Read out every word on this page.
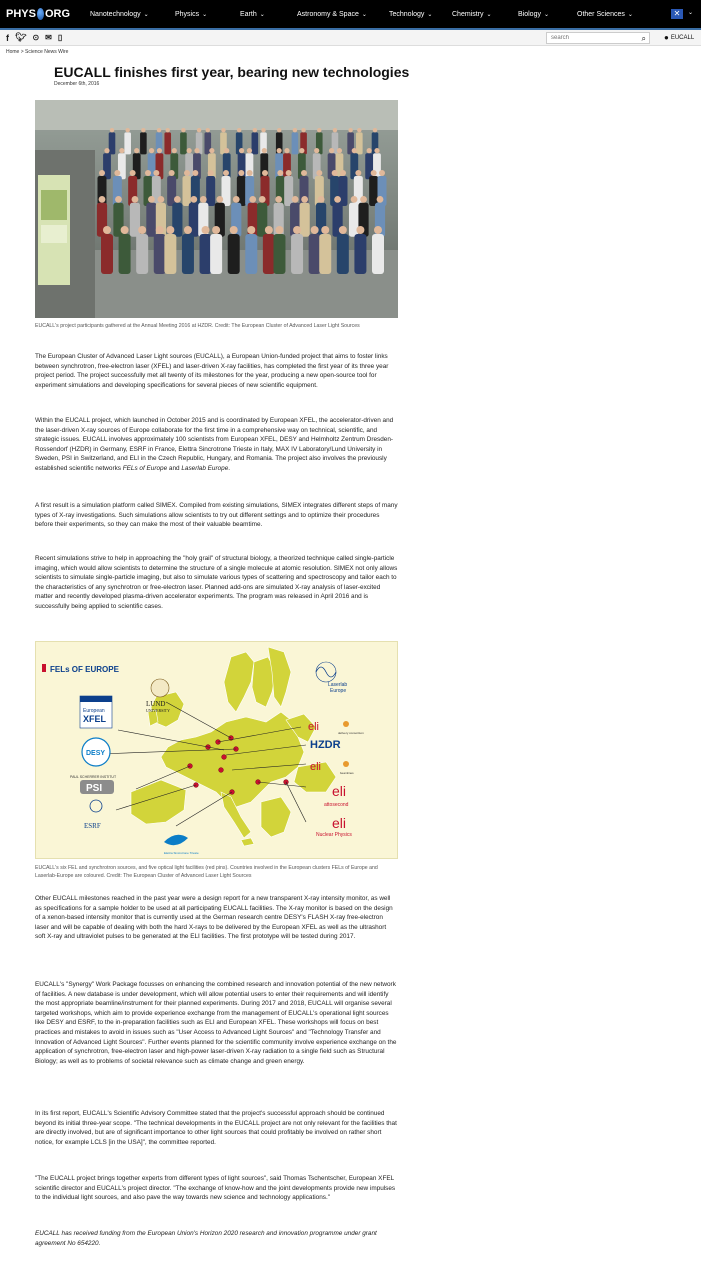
PHYS ORG	Nanotechnology ⌄	Physics ⌄	Earth ⌄	Astronomy & Space ⌄	Technology ⌄	Chemistry ⌄	Biology ⌄	Other Sciences ⌄	✕	⌄
f 🐦︎ ⊙ ✉ ▯
search	⌕ ● EUCALL
Home > Science News Wire
EUCALL finishes first year, bearing new technologies
December 6th, 2016
EUCALL's project participants gathered at the Annual Meeting 2016 at HZDR. Credit: The European Cluster of Advanced Laser Light Sources

The European Cluster of Advanced Laser Light sources (EUCALL), a European Union-funded project that aims to foster links between synchrotron, free-electron laser (XFEL) and laser-driven X-ray facilities, has completed the first year of its three year project period. The project successfully met all twenty of its milestones for the year, producing a new open-source tool for experiment simulations and developing specifications for several pieces of new scientific equipment.

Within the EUCALL project, which launched in October 2015 and is coordinated by European XFEL, the accelerator-driven and the laser-driven X-ray sources of Europe collaborate for the first time in a comprehensive way on technical, scientific, and strategic issues. EUCALL involves approximately 100 scientists from European XFEL, DESY and Helmholtz Zentrum Dresden-Rossendorf (HZDR) in Germany, ESRF in France, Elettra Sincrotrone Trieste in Italy, MAX IV Laboratory/Lund University in Sweden, PSI in Switzerland, and ELI in the Czech Republic, Hungary, and Romania. The project also involves the previously established scientific networks FELs of Europe and Laserlab Europe.

A first result is a simulation platform called SIMEX. Compiled from existing simulations, SIMEX integrates different steps of many types of X-ray investigations. Such simulations allow scientists to try out different settings and to optimize their procedures before their experiments, so they can make the most of their valuable beamtime.

Recent simulations strive to help in approaching the "holy grail" of structural biology, a theorized technique called single-particle imaging, which would allow scientists to determine the structure of a single molecule at atomic resolution. SIMEX not only allows scientists to simulate single-particle imaging, but also to simulate various types of scattering and spectroscopy and tailor each to the characteristics of any synchrotron or free-electron laser. Planned add-ons are simulated X-ray analysis of laser-excited matter and recently developed plasma-driven accelerator experiments. The program was released in April 2016 and is successfully being applied to scientific cases.

FELs OF EUROPE
Laserlab
Europe
LUND
UNIVERSITY
European
XFEL
DESY
PAUL SCHERRER INSTITUT
PSI
ESRF
Elettra Sincrotrone Trieste
eli	delivery consortium
HZDR
eli	beamlines
eli
attosecond
eli
Nuclear Physics
EUCALL's six FEL and synchrotron sources, and five optical light facilities (red pins). Countries involved in the European clusters FELs of Europe and Laserlab-Europe are coloured. Credit: The European Cluster of Advanced Laser Light Sources

Other EUCALL milestones reached in the past year were a design report for a new transparent X-ray intensity monitor, as well as specifications for a sample holder to be used at all participating EUCALL facilities. The X-ray monitor is based on the design of a xenon-based intensity monitor that is currently used at the German research centre DESY's FLASH X-ray free-electron laser and will be capable of dealing with both the hard X-rays to be delivered by the European XFEL as well as the ultrashort soft X-ray and ultraviolet pulses to be generated at the ELI facilities. The first prototype will be tested during 2017.

EUCALL's "Synergy" Work Package focusses on enhancing the combined research and innovation potential of the new network of facilities. A new database is under development, which will allow potential users to enter their requirements and will identify the most appropriate beamline/instrument for their planned experiments. During 2017 and 2018, EUCALL will organise several targeted workshops, which aim to provide experience exchange from the management of EUCALL's operational light sources like DESY and ESRF, to the in-preparation facilities such as ELI and European XFEL. These workshops will focus on best practices and mistakes to avoid in issues such as "User Access to Advanced Light Sources" and "Technology Transfer and Innovation of Advanced Light Sources". Further events planned for the scientific community involve experience exchange on the application of synchrotron, free-electron laser and high-power laser-driven X-ray radiation to a single field such as Structural Biology; as well as to problems of societal relevance such as climate change and green energy.

In its first report, EUCALL's Scientific Advisory Committee stated that the project's successful approach should be continued beyond its initial three-year scope. "The technical developments in the EUCALL project are not only relevant for the facilities that are directly involved, but are of significant importance to other light sources that could profitably be involved on rather short notice, for example LCLS [in the USA]", the committee reported.

"The EUCALL project brings together experts from different types of light sources", said Thomas Tschentscher, European XFEL scientific director and EUCALL's project director. "The exchange of know-how and the joint developments provide new impulses to the individual light sources, and also pave the way towards new science and technology applications."

EUCALL has received funding from the European Union's Horizon 2020 research and innovation programme under grant agreement No 654220.
